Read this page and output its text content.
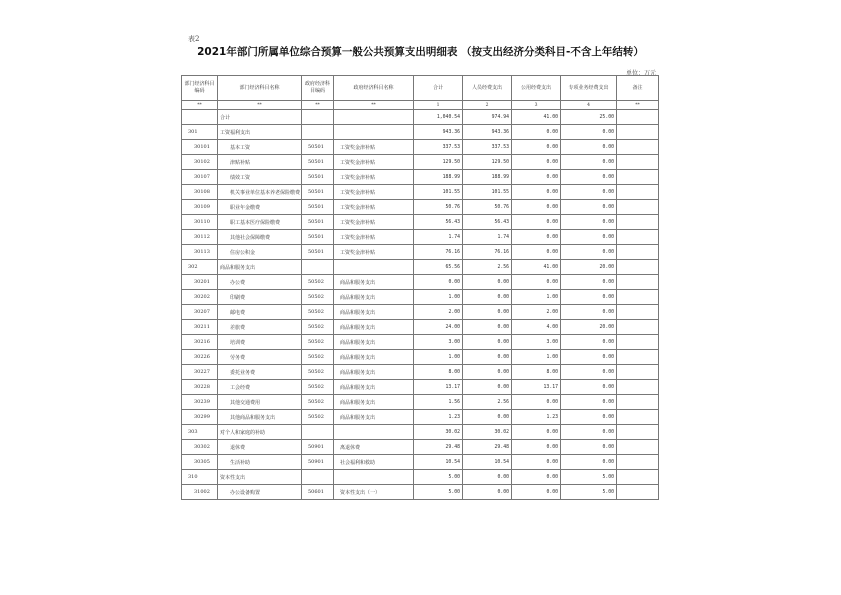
表2
2021年部门所属单位综合预算一般公共预算支出明细表 （按支出经济分类科目-不含上年结转）
单位：万元
部门经济科目编码	部门经济科目名称	政府经济科目编码	政府经济科目名称	合计	人员经费支出	公用经费支出	专项业务经费支出	备注
**	**	**	**	1	2	3	4	**
	合计			1,040.54	974.94	41.00	25.00	
301	工资福利支出			943.36	943.36	0.00	0.00	
30101	基本工资	50501	工资奖金津补贴	337.53	337.53	0.00	0.00	
30102	津贴补贴	50501	工资奖金津补贴	129.50	129.50	0.00	0.00	
30107	绩效工资	50501	工资奖金津补贴	188.99	188.99	0.00	0.00	
30108	机关事业单位基本养老保险缴费	50501	工资奖金津补贴	101.55	101.55	0.00	0.00	
30109	职业年金缴费	50501	工资奖金津补贴	50.76	50.76	0.00	0.00	
30110	职工基本医疗保险缴费	50501	工资奖金津补贴	56.43	56.43	0.00	0.00	
30112	其他社会保障缴费	50501	工资奖金津补贴	1.74	1.74	0.00	0.00	
30113	住房公积金	50501	工资奖金津补贴	76.16	76.16	0.00	0.00	
302	商品和服务支出			65.56	2.56	41.00	20.00	
30201	办公费	50502	商品和服务支出	0.00	0.00	0.00	0.00	
30202	印刷费	50502	商品和服务支出	1.00	0.00	1.00	0.00	
30207	邮电费	50502	商品和服务支出	2.00	0.00	2.00	0.00	
30211	差旅费	50502	商品和服务支出	24.00	0.00	4.00	20.00	
30216	培训费	50502	商品和服务支出	3.00	0.00	3.00	0.00	
30226	劳务费	50502	商品和服务支出	1.00	0.00	1.00	0.00	
30227	委托业务费	50502	商品和服务支出	8.00	0.00	8.00	0.00	
30228	工会经费	50502	商品和服务支出	13.17	0.00	13.17	0.00	
30239	其他交通费用	50502	商品和服务支出	1.56	2.56	0.00	0.00	
30299	其他商品和服务支出	50502	商品和服务支出	1.23	0.00	1.23	0.00	
303	对个人和家庭的补助			30.02	30.02	0.00	0.00	
30302	退休费	50901	离退休费	29.48	29.48	0.00	0.00	
30305	生活补助	50901	社会福利和救助	10.54	10.54	0.00	0.00	
310	资本性支出			5.00	0.00	0.00	5.00	
31002	办公设备购置	50601	资本性支出（一）	5.00	0.00	0.00	5.00	
